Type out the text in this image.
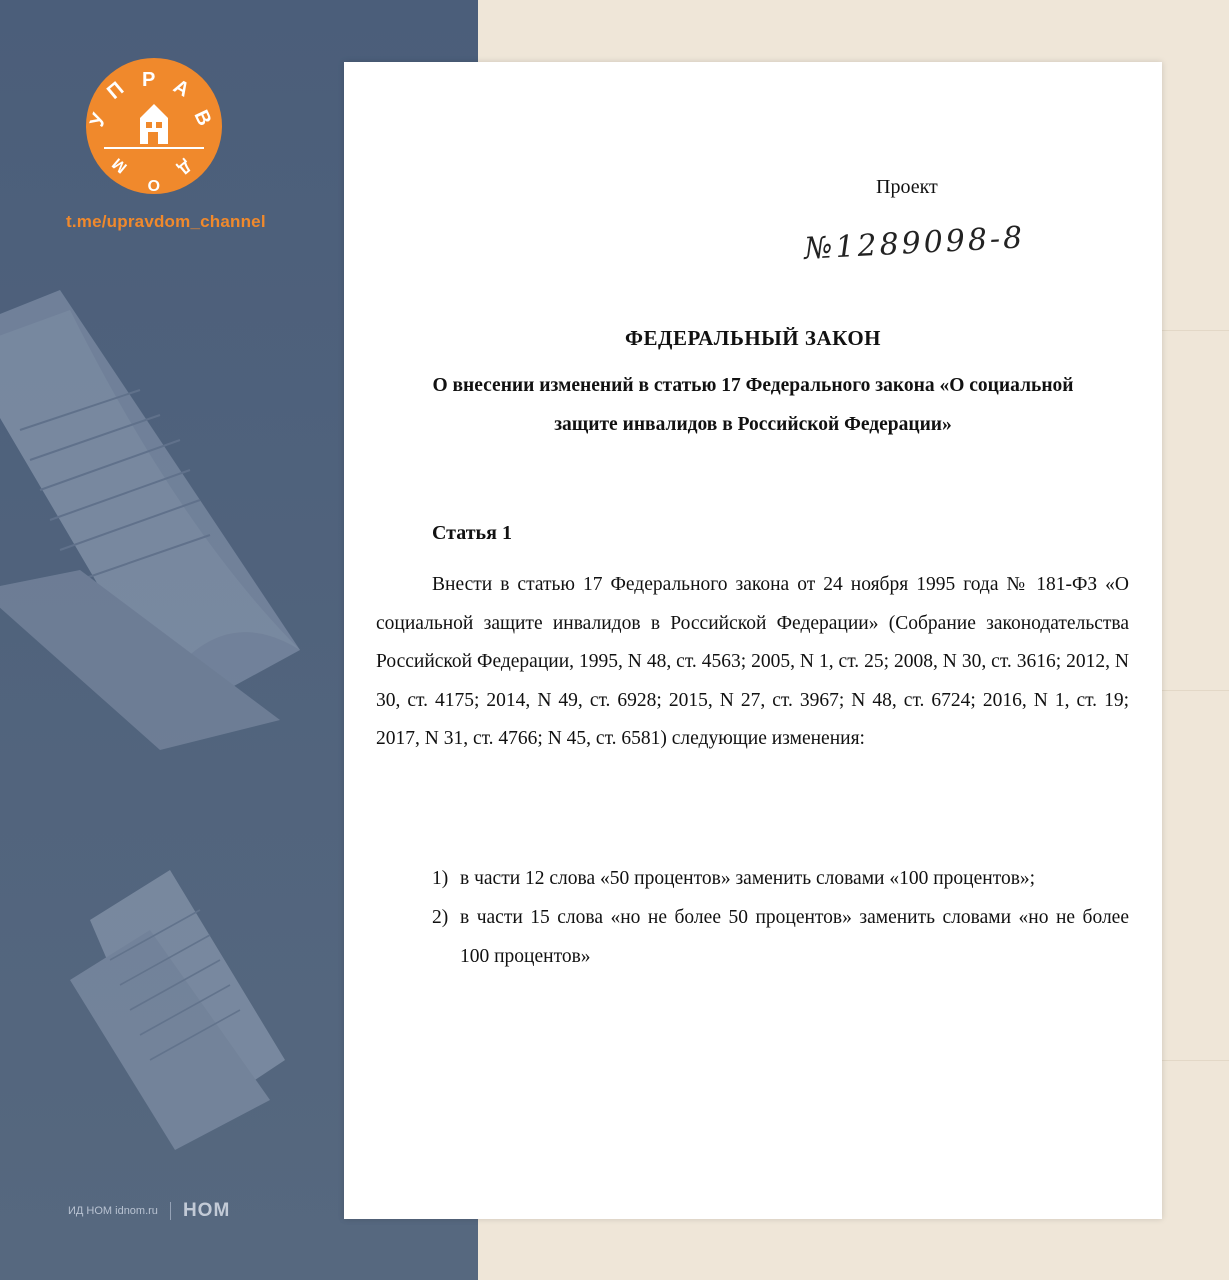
У
П Р А
В
Д
О
М
t.me/upravdom_channel
ИД НОМ idnom.ru НОМ
Проект
№1289098-8
ФЕДЕРАЛЬНЫЙ ЗАКОН
О внесении изменений в статью 17 Федерального закона «О социальной
защите инвалидов в Российской Федерации»
Статья 1

Внести в статью 17 Федерального закона от 24 ноября 1995 года № 181-ФЗ «О социальной защите инвалидов в Российской Федерации» (Собрание законодательства Российской Федерации, 1995, N 48, ст. 4563; 2005, N 1, ст. 25; 2008, N 30, ст. 3616; 2012, N 30, ст. 4175; 2014, N 49, ст. 6928; 2015, N 27, ст. 3967; N 48, ст. 6724; 2016, N 1, ст. 19; 2017, N 31, ст. 4766; N 45, ст. 6581) следующие изменения:

1) в части 12 слова «50 процентов» заменить словами «100 процентов»;
2) в части 15 слова «но не более 50 процентов» заменить словами «но не более 100 процентов»
